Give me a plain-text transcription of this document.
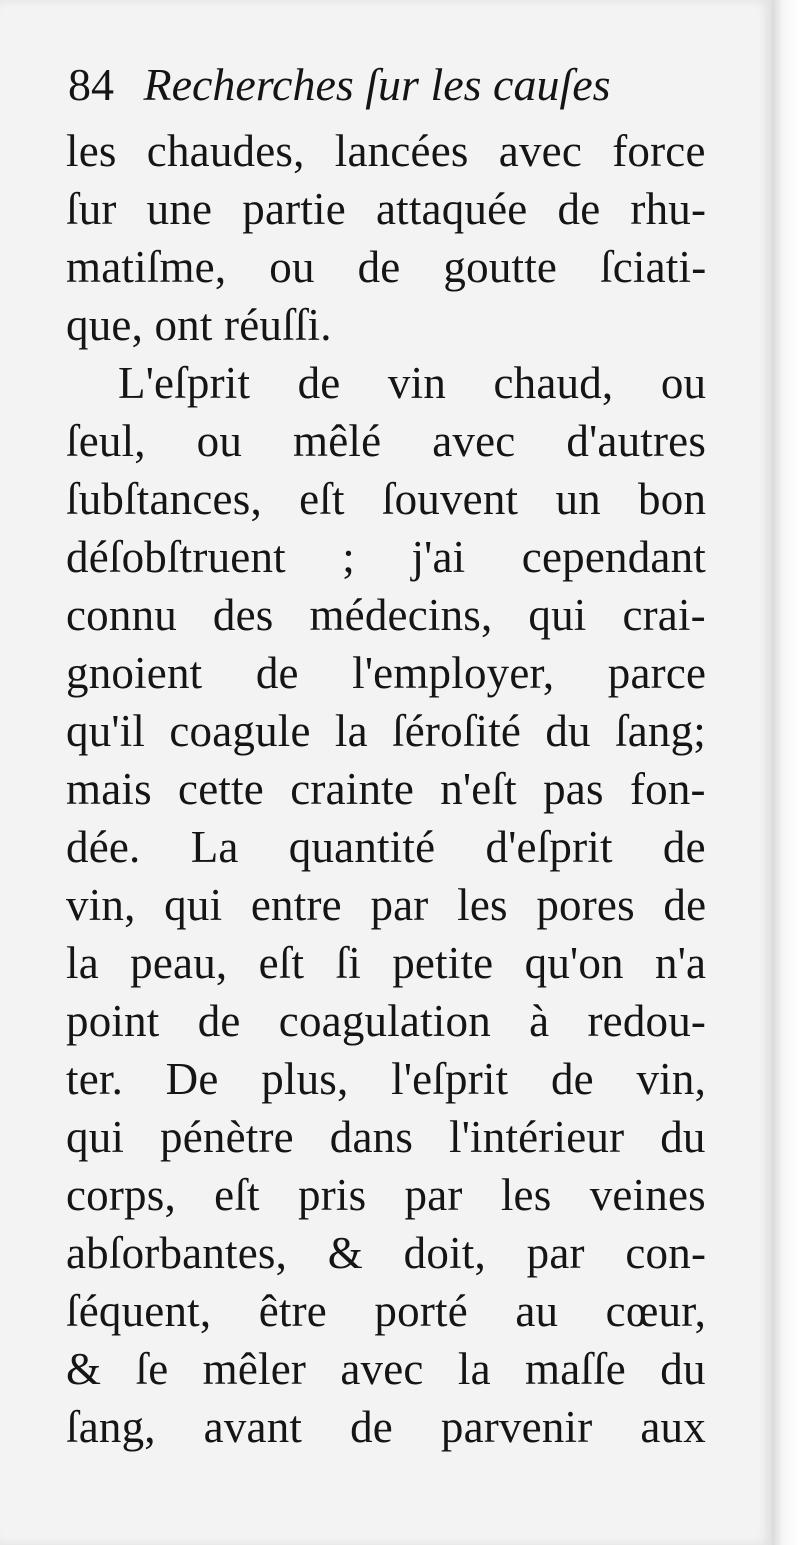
84 Recherches ſur les cauſes
les chaudes, lancées avec force
ſur une partie attaquée de rhu-
matiſme, ou de goutte ſciati-
que, ont réuſſi.
L'eſprit de vin chaud, ou
ſeul, ou mêlé avec d'autres
ſubſtances, eſt ſouvent un bon
déſobſtruent ; j'ai cependant
connu des médecins, qui crai-
gnoient de l'employer, parce
qu'il coagule la ſéroſité du ſang;
mais cette crainte n'eſt pas fon-
dée. La quantité d'eſprit de
vin, qui entre par les pores de
la peau, eſt ſi petite qu'on n'a
point de coagulation à redou-
ter. De plus, l'eſprit de vin,
qui pénètre dans l'intérieur du
corps, eſt pris par les veines
abſorbantes, & doit, par con-
ſéquent, être porté au cœur,
& ſe mêler avec la maſſe du
ſang, avant de parvenir aux
